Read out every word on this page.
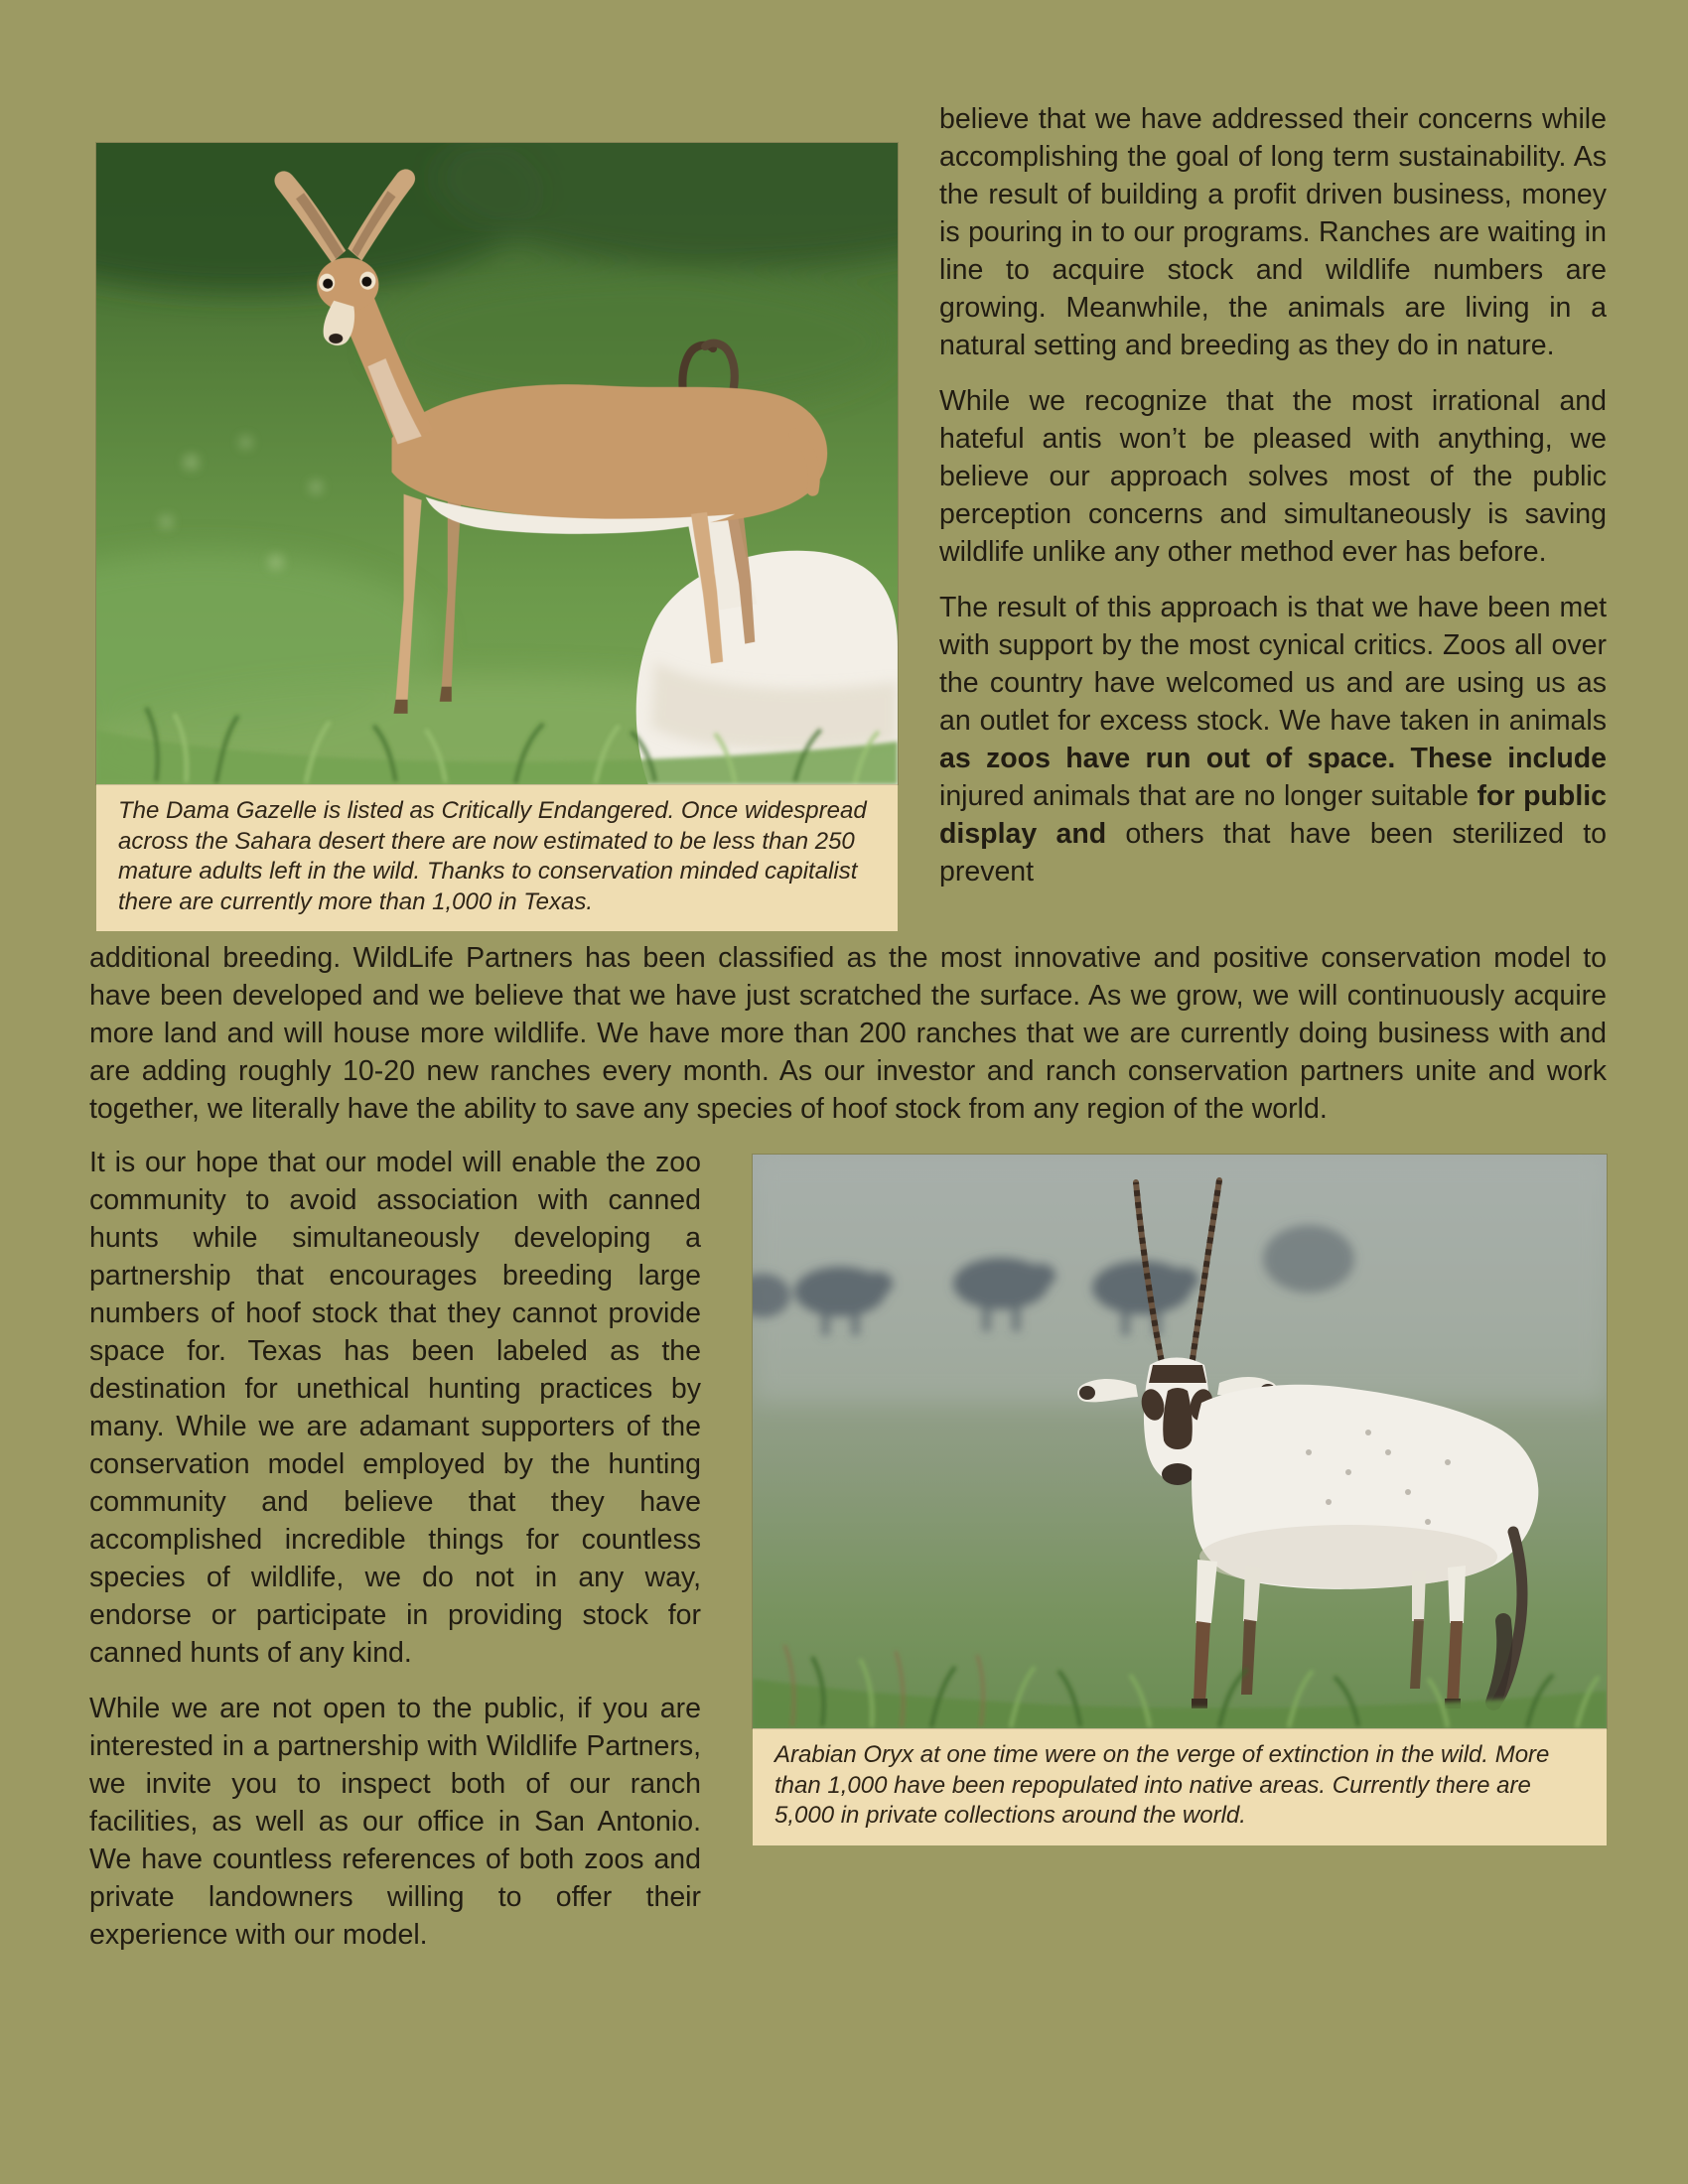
The Dama Gazelle is listed as Critically Endangered. Once widespread across the Sahara desert there are now estimated to be less than 250 mature adults left in the wild. Thanks to conservation minded capitalist there are currently more than 1,000 in Texas.

believe that we have addressed their concerns while accomplishing the goal of long term sustainability. As the result of building a profit driven business, money is pouring in to our programs. Ranches are waiting in line to acquire stock and wildlife numbers are growing. Meanwhile, the animals are living in a natural setting and breeding as they do in nature.

While we recognize that the most irrational and hateful antis won’t be pleased with anything, we believe our approach solves most of the public perception concerns and simultaneously is saving wildlife unlike any other method ever has before.

The result of this approach is that we have been met with support by the most cynical critics. Zoos all over the country have welcomed us and are using us as an outlet for excess stock. We have taken in animals as zoos have run out of space. These include injured animals that are no longer suitable for public display and others that have been sterilized to prevent

additional breeding. WildLife Partners has been classified as the most innovative and positive conservation model to have been developed and we believe that we have just scratched the surface. As we grow, we will continuously acquire more land and will house more wildlife. We have more than 200 ranches that we are currently doing business with and are adding roughly 10-20 new ranches every month. As our investor and ranch conservation partners unite and work together, we literally have the ability to save any species of hoof stock from any region of the world.

It is our hope that our model will enable the zoo community to avoid association with canned hunts while simultaneously developing a partnership that encourages breeding large numbers of hoof stock that they cannot provide space for. Texas has been labeled as the destination for unethical hunting practices by many. While we are adamant supporters of the conservation model employed by the hunting community and believe that they have accomplished incredible things for countless species of wildlife, we do not in any way, endorse or participate in providing stock for canned hunts of any kind.

While we are not open to the public, if you are interested in a partnership with Wildlife Partners, we invite you to inspect both of our ranch facilities, as well as our office in San Antonio. We have countless references of both zoos and private landowners willing to offer their experience with our model.

Arabian Oryx at one time were on the verge of extinction in the wild. More than 1,000 have been repopulated into native areas. Currently there are 5,000 in private collections around the world.
